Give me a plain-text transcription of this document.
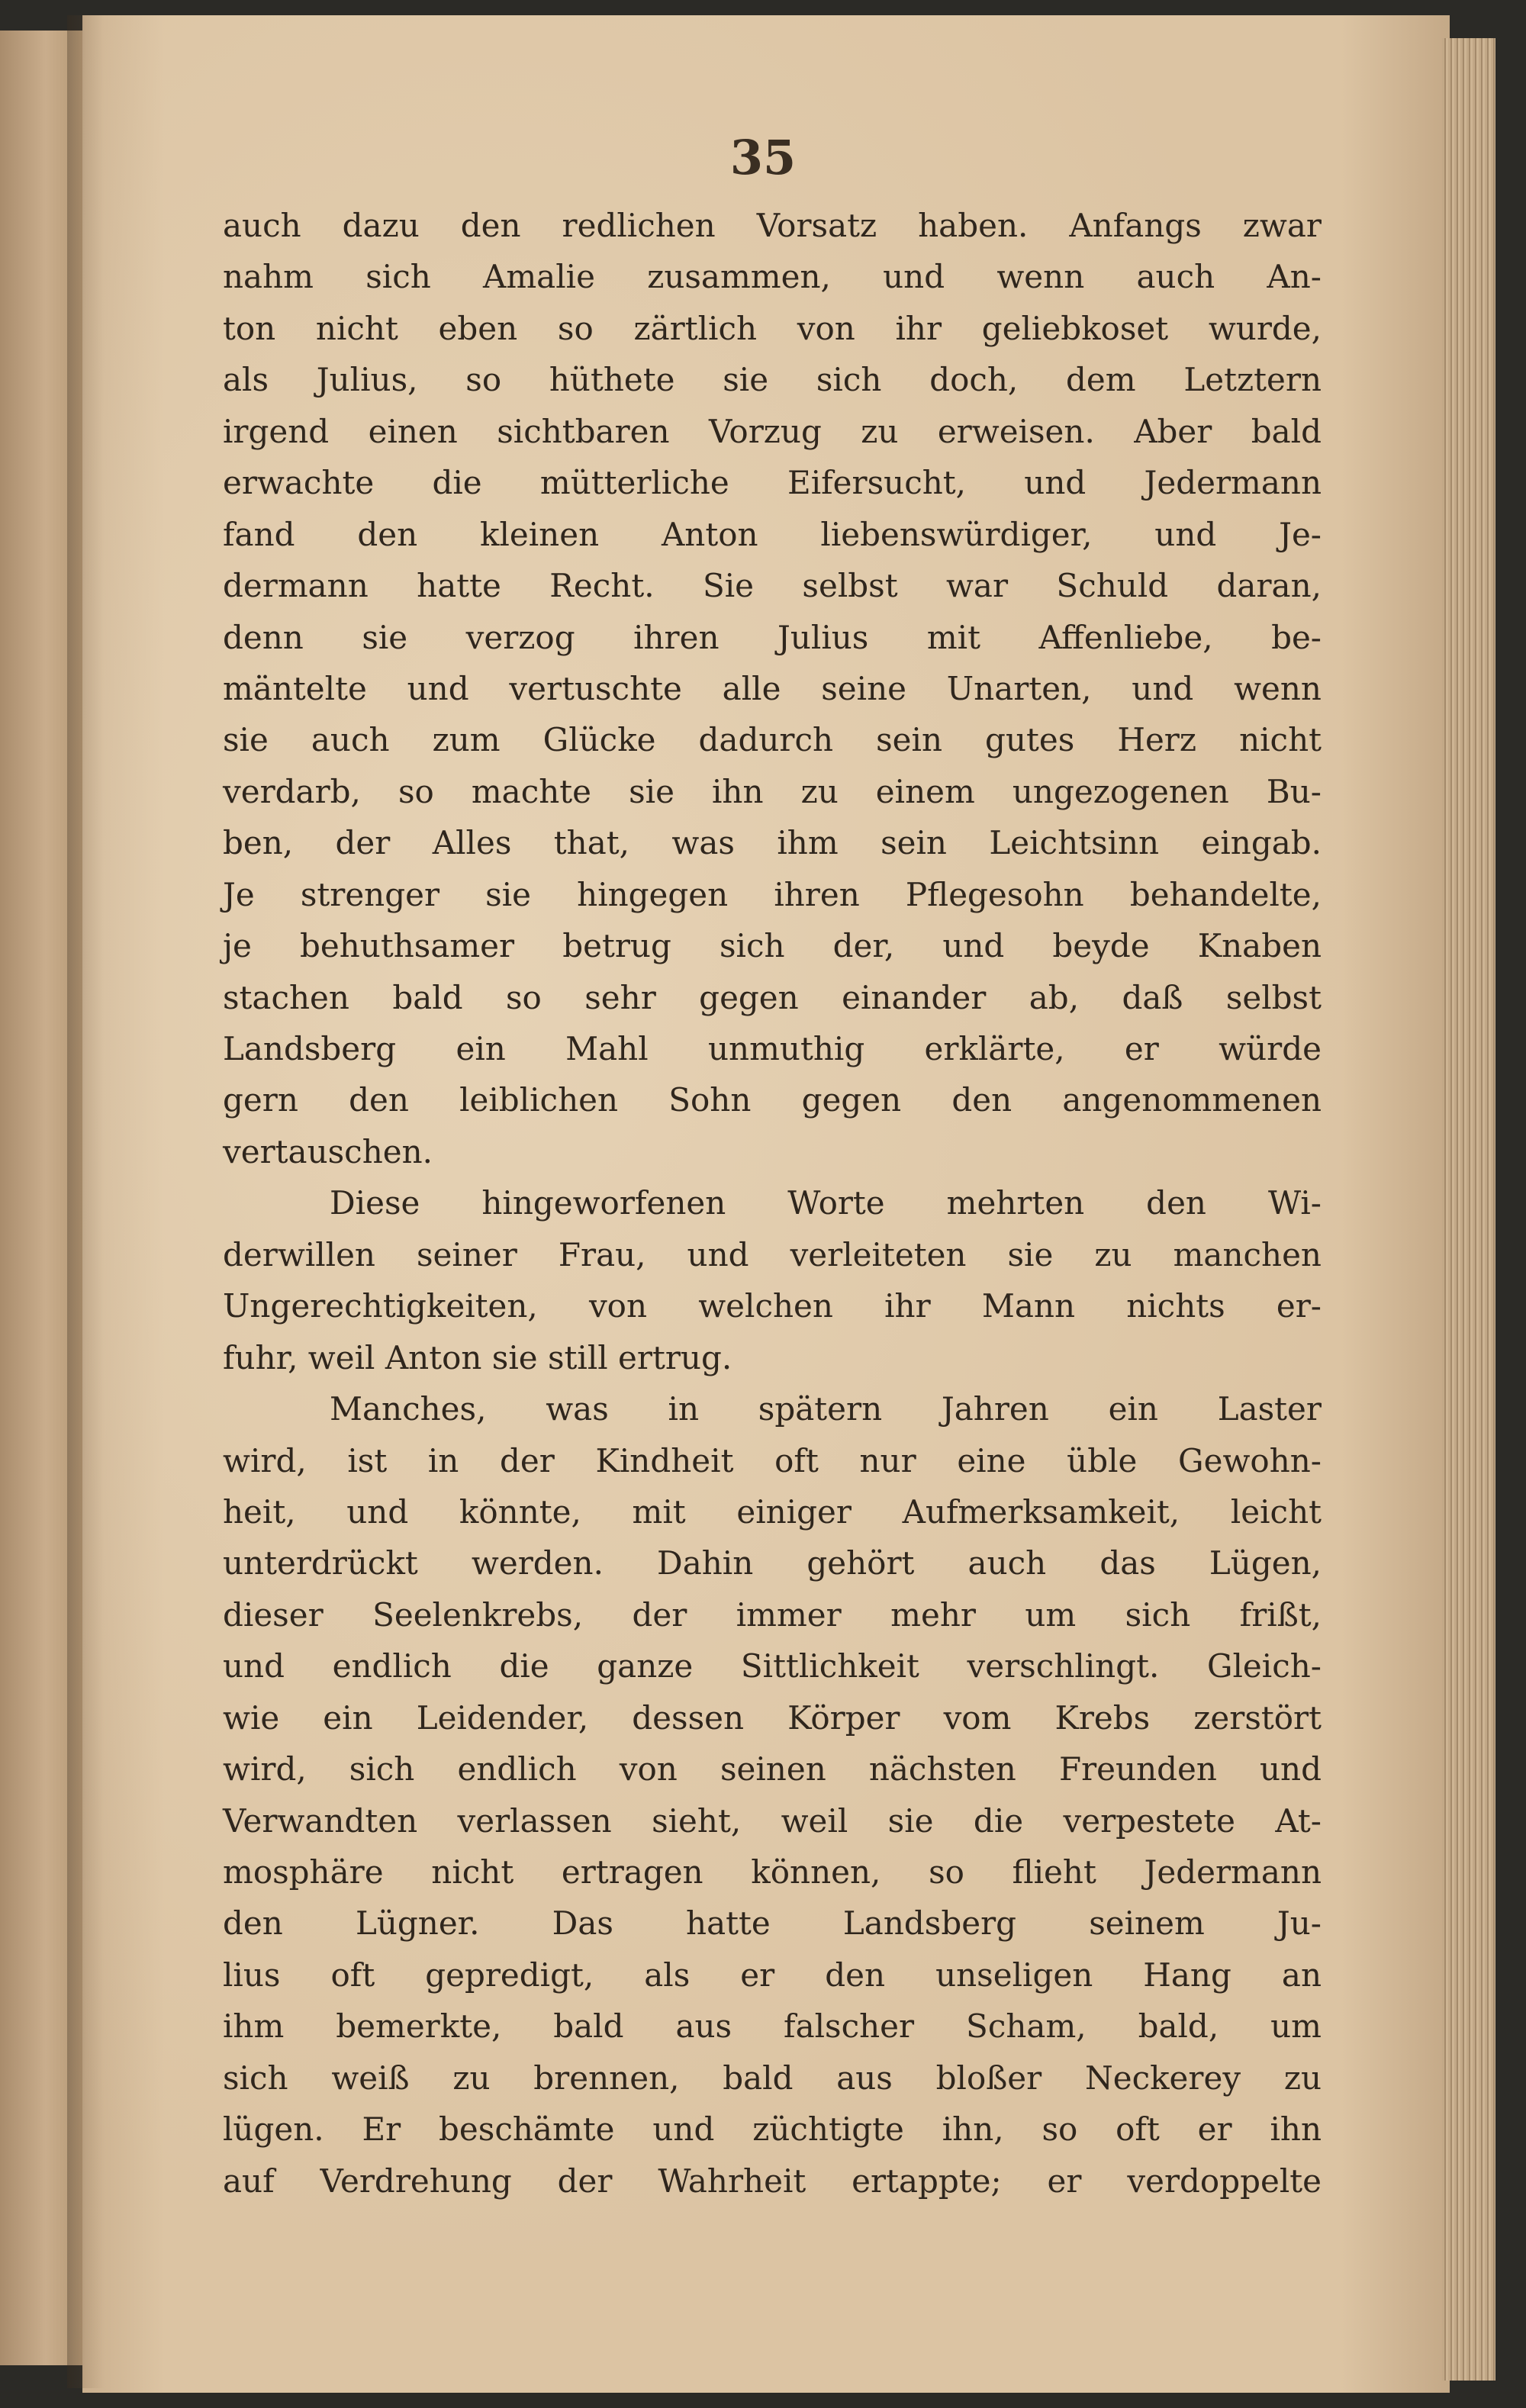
35
auch dazu den redlichen Vorsatz haben. Anfangs zwar
nahm sich Amalie zusammen, und wenn auch An-
ton nicht eben so zärtlich von ihr geliebkoset wurde,
als Julius, so hüthete sie sich doch, dem Letztern
irgend einen sichtbaren Vorzug zu erweisen. Aber bald
erwachte die mütterliche Eifersucht, und Jedermann
fand den kleinen Anton liebenswürdiger, und Je-
dermann hatte Recht. Sie selbst war Schuld daran,
denn sie verzog ihren Julius mit Affenliebe, be-
mäntelte und vertuschte alle seine Unarten, und wenn
sie auch zum Glücke dadurch sein gutes Herz nicht
verdarb, so machte sie ihn zu einem ungezogenen Bu-
ben, der Alles that, was ihm sein Leichtsinn eingab.
Je strenger sie hingegen ihren Pflegesohn behandelte,
je behuthsamer betrug sich der, und beyde Knaben
stachen bald so sehr gegen einander ab, daß selbst
Landsberg ein Mahl unmuthig erklärte, er würde
gern den leiblichen Sohn gegen den angenommenen
vertauschen.
Diese hingeworfenen Worte mehrten den Wi-
derwillen seiner Frau, und verleiteten sie zu manchen
Ungerechtigkeiten, von welchen ihr Mann nichts er-
fuhr, weil Anton sie still ertrug.
Manches, was in spätern Jahren ein Laster
wird, ist in der Kindheit oft nur eine üble Gewohn-
heit, und könnte, mit einiger Aufmerksamkeit, leicht
unterdrückt werden. Dahin gehört auch das Lügen,
dieser Seelenkrebs, der immer mehr um sich frißt,
und endlich die ganze Sittlichkeit verschlingt. Gleich-
wie ein Leidender, dessen Körper vom Krebs zerstört
wird, sich endlich von seinen nächsten Freunden und
Verwandten verlassen sieht, weil sie die verpestete At-
mosphäre nicht ertragen können, so flieht Jedermann
den Lügner. Das hatte Landsberg seinem Ju-
lius oft gepredigt, als er den unseligen Hang an
ihm bemerkte, bald aus falscher Scham, bald, um
sich weiß zu brennen, bald aus bloßer Neckerey zu
lügen. Er beschämte und züchtigte ihn, so oft er ihn
auf Verdrehung der Wahrheit ertappte; er verdoppelte
